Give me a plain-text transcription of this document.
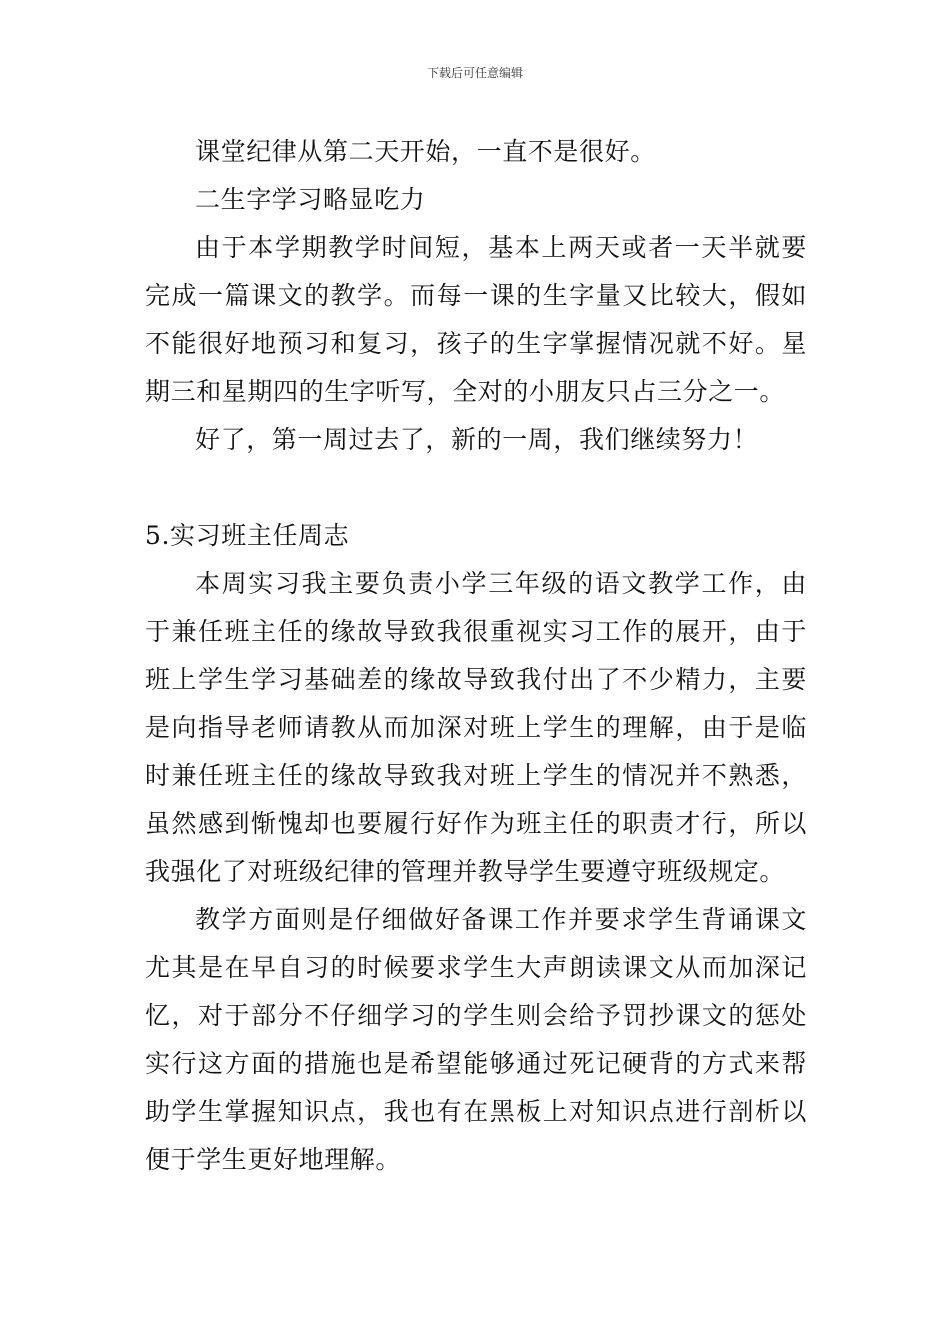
下载后可任意编辑

课堂纪律从第二天开始，一直不是很好。

二生字学习略显吃力

由于本学期教学时间短，基本上两天或者一天半就要完成一篇课文的教学。而每一课的生字量又比较大，假如不能很好地预习和复习，孩子的生字掌握情况就不好。星期三和星期四的生字听写，全对的小朋友只占三分之一。

好了，第一周过去了，新的一周，我们继续努力！

5.实习班主任周志

本周实习我主要负责小学三年级的语文教学工作，由于兼任班主任的缘故导致我很重视实习工作的展开，由于班上学生学习基础差的缘故导致我付出了不少精力，主要是向指导老师请教从而加深对班上学生的理解，由于是临时兼任班主任的缘故导致我对班上学生的情况并不熟悉，虽然感到惭愧却也要履行好作为班主任的职责才行，所以我强化了对班级纪律的管理并教导学生要遵守班级规定。

教学方面则是仔细做好备课工作并要求学生背诵课文尤其是在早自习的时候要求学生大声朗读课文从而加深记忆，对于部分不仔细学习的学生则会给予罚抄课文的惩处实行这方面的措施也是希望能够通过死记硬背的方式来帮助学生掌握知识点，我也有在黑板上对知识点进行剖析以便于学生更好地理解。
